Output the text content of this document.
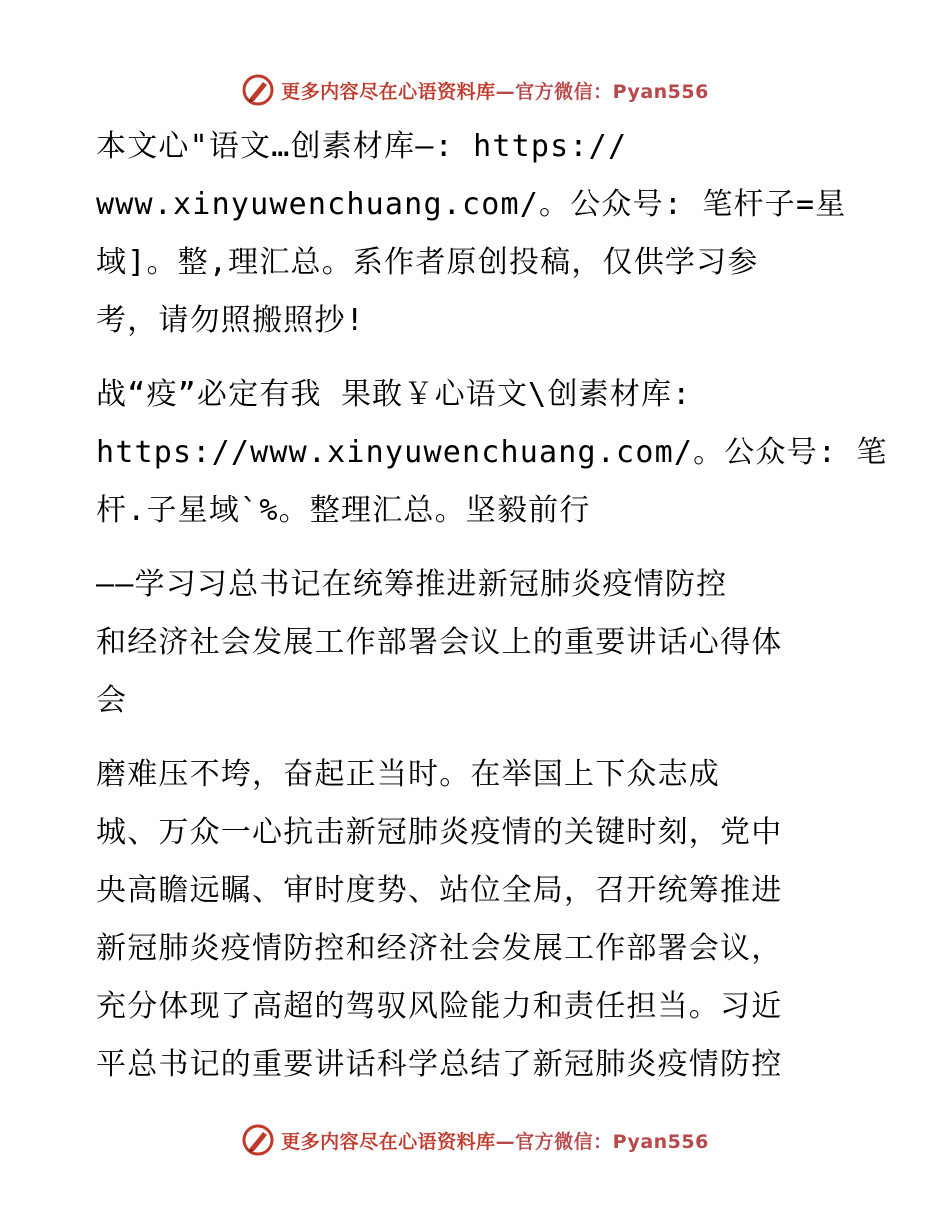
更多内容尽在心语资料库—官方微信：Pyan556
本文心"语文…创素材库—: https://
www.xinyuwenchuang.com/。公众号: 笔杆子=星
域]。整,理汇总。系作者原创投稿，仅供学习参
考，请勿照搬照抄!
战“疫”必定有我 果敢￥心语文\创素材库:
https://www.xinyuwenchuang.com/。公众号: 笔
杆.子星域`%。整理汇总。坚毅前行
——学习习总书记在统筹推进新冠肺炎疫情防控
和经济社会发展工作部署会议上的重要讲话心得体
会
磨难压不垮，奋起正当时。在举国上下众志成
城、万众一心抗击新冠肺炎疫情的关键时刻，党中
央高瞻远瞩、审时度势、站位全局，召开统筹推进
新冠肺炎疫情防控和经济社会发展工作部署会议，
充分体现了高超的驾驭风险能力和责任担当。习近
平总书记的重要讲话科学总结了新冠肺炎疫情防控
更多内容尽在心语资料库—官方微信：Pyan556
